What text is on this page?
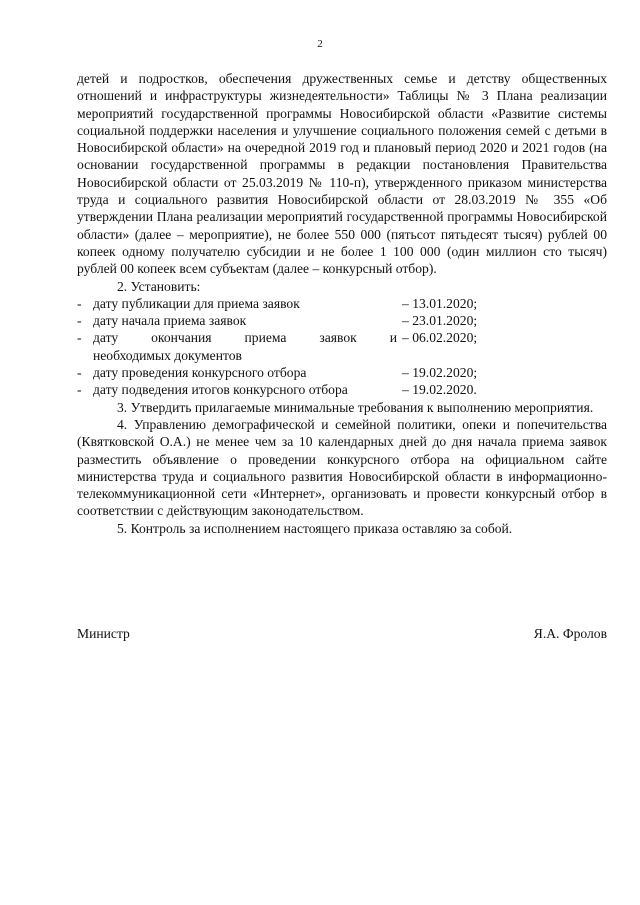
2

детей и подростков, обеспечения дружественных семье и детству общественных отношений и инфраструктуры жизнедеятельности» Таблицы № 3 Плана реализации мероприятий государственной программы Новосибирской области «Развитие системы социальной поддержки населения и улучшение социального положения семей с детьми в Новосибирской области» на очередной 2019 год и плановый период 2020 и 2021 годов (на основании государственной программы в редакции постановления Правительства Новосибирской области от 25.03.2019 № 110-п), утвержденного приказом министерства труда и социального развития Новосибирской области от 28.03.2019 № 355 «Об утверждении Плана реализации мероприятий государственной программы Новосибирской области» (далее – мероприятие), не более 550 000 (пятьсот пятьдесят тысяч) рублей 00 копеек одному получателю субсидии и не более 1 100 000 (один миллион сто тысяч) рублей 00 копеек всем субъектам (далее – конкурсный отбор).

2. Установить:

- дату публикации для приема заявок	– 13.01.2020;
- дату начала приема заявок	– 23.01.2020;
- дату окончания приема заявок и – 06.02.2020;
необходимых документов
- дату проведения конкурсного отбора	– 19.02.2020;
- дату подведения итогов конкурсного отбора	– 19.02.2020.

3. Утвердить прилагаемые минимальные требования к выполнению мероприятия.

4. Управлению демографической и семейной политики, опеки и попечительства (Квятковской О.А.) не менее чем за 10 календарных дней до дня начала приема заявок разместить объявление о проведении конкурсного отбора на официальном сайте министерства труда и социального развития Новосибирской области в информационно-телекоммуникационной сети «Интернет», организовать и провести конкурсный отбор в соответствии с действующим законодательством.

5. Контроль за исполнением настоящего приказа оставляю за собой.

Министр	Я.А. Фролов
